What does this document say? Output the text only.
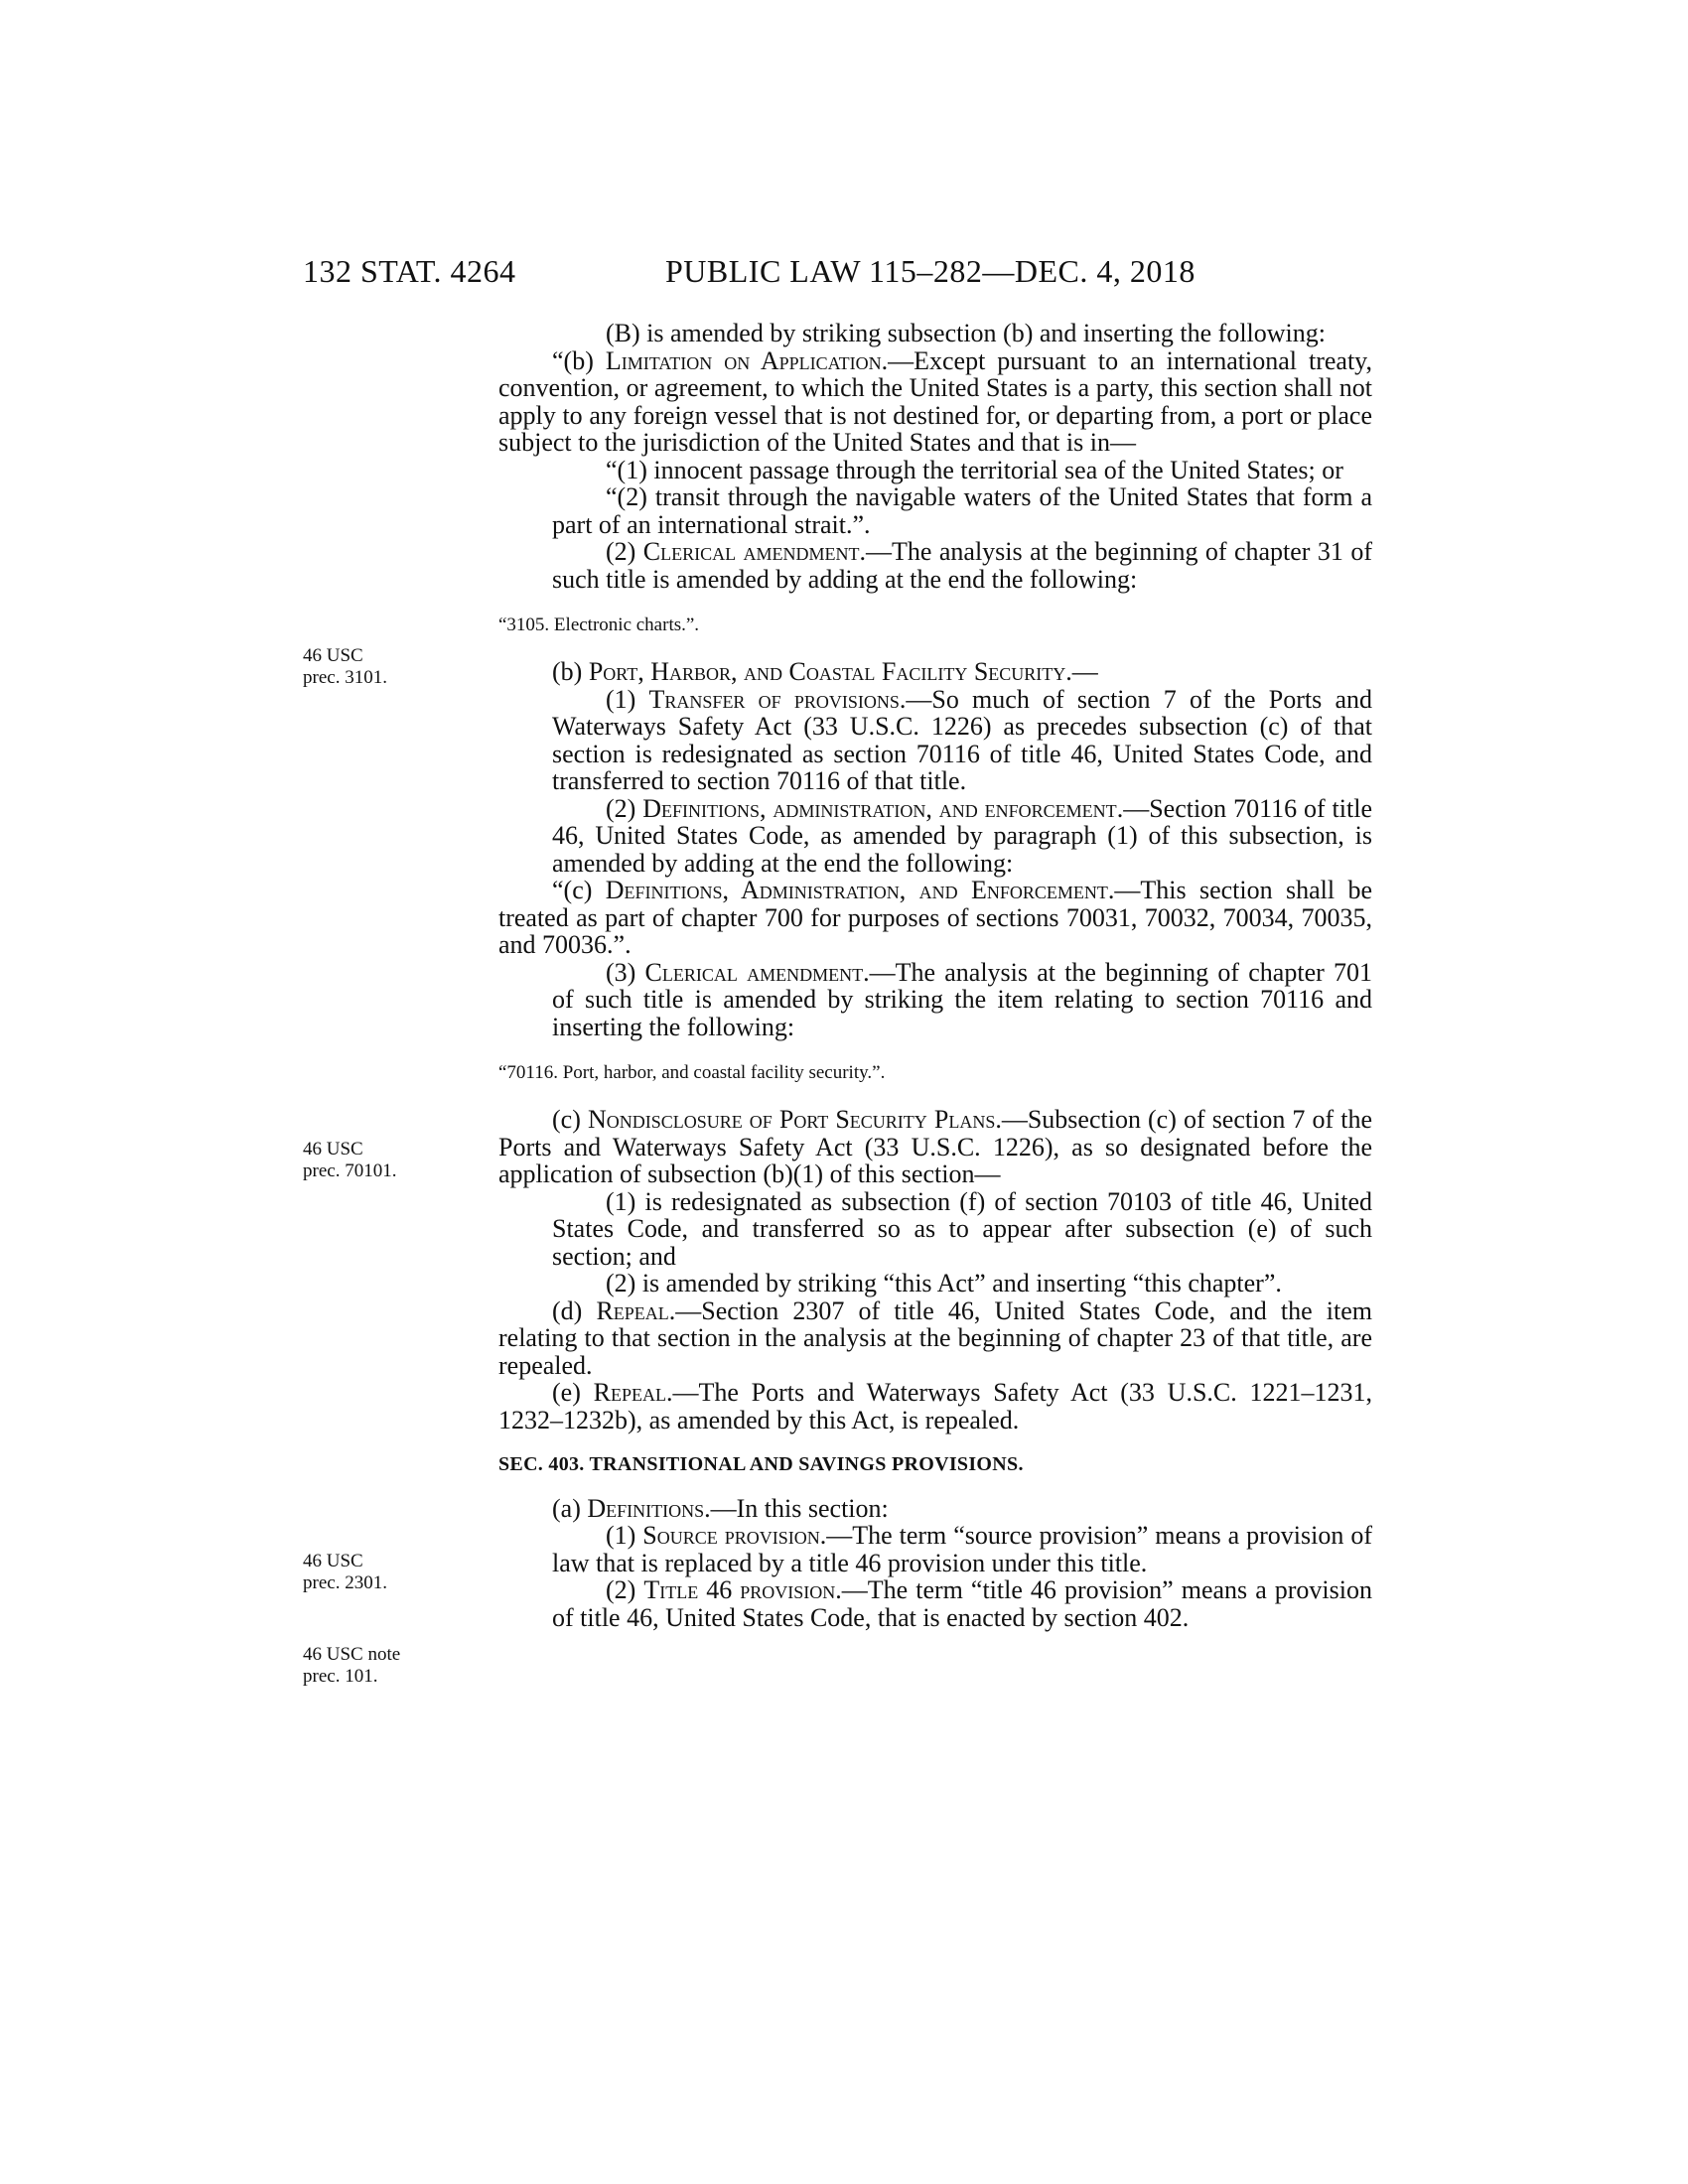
132 STAT. 4264	PUBLIC LAW 115–282—DEC. 4, 2018
46 USC
prec. 3101.
46 USC
prec. 70101.
46 USC
prec. 2301.
46 USC note
prec. 101.

(B) is amended by striking subsection (b) and inserting the following:

“(b) Limitation on Application.—Except pursuant to an international treaty, convention, or agreement, to which the United States is a party, this section shall not apply to any foreign vessel that is not destined for, or departing from, a port or place subject to the jurisdiction of the United States and that is in—

“(1) innocent passage through the territorial sea of the United States; or

“(2) transit through the navigable waters of the United States that form a part of an international strait.”.

(2) Clerical amendment.—The analysis at the beginning of chapter 31 of such title is amended by adding at the end the following:

“3105. Electronic charts.”.

(b) Port, Harbor, and Coastal Facility Security.—

(1) Transfer of provisions.—So much of section 7 of the Ports and Waterways Safety Act (33 U.S.C. 1226) as precedes subsection (c) of that section is redesignated as section 70116 of title 46, United States Code, and transferred to section 70116 of that title.

(2) Definitions, administration, and enforcement.—Section 70116 of title 46, United States Code, as amended by paragraph (1) of this subsection, is amended by adding at the end the following:

“(c) Definitions, Administration, and Enforcement.—This section shall be treated as part of chapter 700 for purposes of sections 70031, 70032, 70034, 70035, and 70036.”.

(3) Clerical amendment.—The analysis at the beginning of chapter 701 of such title is amended by striking the item relating to section 70116 and inserting the following:

“70116. Port, harbor, and coastal facility security.”.

(c) Nondisclosure of Port Security Plans.—Subsection (c) of section 7 of the Ports and Waterways Safety Act (33 U.S.C. 1226), as so designated before the application of subsection (b)(1) of this section—

(1) is redesignated as subsection (f) of section 70103 of title 46, United States Code, and transferred so as to appear after subsection (e) of such section; and

(2) is amended by striking “this Act” and inserting “this chapter”.

(d) Repeal.—Section 2307 of title 46, United States Code, and the item relating to that section in the analysis at the beginning of chapter 23 of that title, are repealed.

(e) Repeal.—The Ports and Waterways Safety Act (33 U.S.C. 1221–1231, 1232–1232b), as amended by this Act, is repealed.

SEC. 403. TRANSITIONAL AND SAVINGS PROVISIONS.

(a) Definitions.—In this section:

(1) Source provision.—The term “source provision” means a provision of law that is replaced by a title 46 provision under this title.

(2) Title 46 provision.—The term “title 46 provision” means a provision of title 46, United States Code, that is enacted by section 402.
